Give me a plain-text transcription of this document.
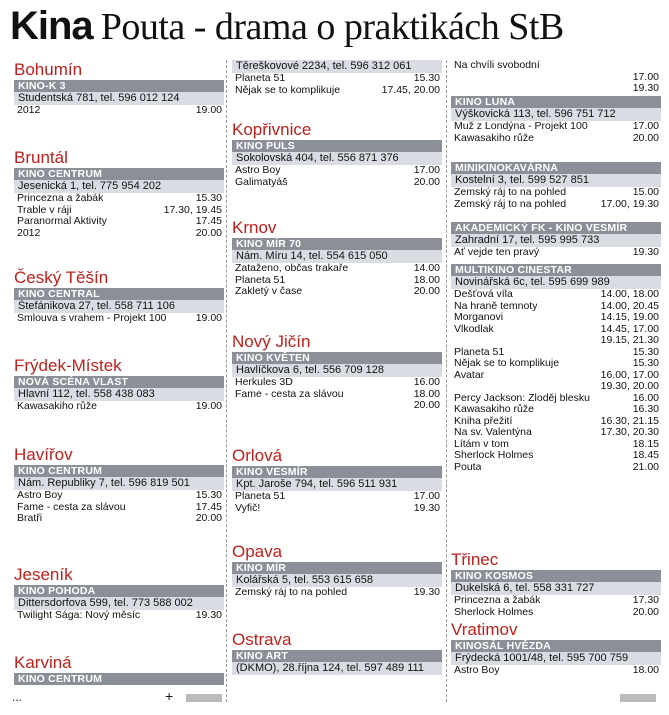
Kina Pouta - drama o praktikách StB
Bohumín
KINO-K 3
Studentská 781, tel. 596 012 124
2012	19.00
Bruntál
KINO CENTRUM
Jesenická 1, tel. 775 954 202
Princezna a žabák	15.30
Trable v ráji	17.30, 19.45
Paranormal Aktivity	17.45
2012	20.00
Český Těšín
KINO CENTRAL
Štefánikova 27, tel. 558 711 106
Smlouva s vrahem - Projekt 100	19.00
Frýdek-Místek
NOVÁ SCÉNA VLAST
Hlavní 112, tel. 558 438 083
Kawasakiho růže	19.00
Havířov
KINO CENTRUM
Nám. Republiky 7, tel. 596 819 501
Astro Boy	15.30
Fame - cesta za slávou	17.45
Bratři	20.00
Jeseník
KINO POHODA
Dittersdorfova 599, tel. 773 588 002
Twilight Sága: Nový měsíc	19.30
Karviná
KINO CENTRUM
Těreškovové 2234, tel. 596 312 061
Planeta 51	15.30
Nějak se to komplikuje	17.45, 20.00
Kopřivnice
KINO PULS
Sokolovská 404, tel. 556 871 376
Astro Boy	17.00
Galimatyáš	20.00
Krnov
KINO MÍR 70
Nám. Míru 14, tel. 554 615 050
Zataženo, občas trakaře	14.00
Planeta 51	18.00
Zakletý v čase	20.00
Nový Jičín
KINO KVĚTEN
Havlíčkova 6, tel. 556 709 128
Herkules 3D	16.00
Fame - cesta za slávou	18.00
20.00
Orlová
KINO VESMÍR
Kpt. Jaroše 794, tel. 596 511 931
Planeta 51	17.00
Vyfič!	19.30
Opava
KINO MÍR
Kolářská 5, tel. 553 615 658
Zemský ráj to na pohled	19.30
Ostrava
KINO ART
(DKMO), 28.října 124, tel. 597 489 111
Na chvíli svobodní
17.00
19.30
KINO LUNA
Výškovická 113, tel. 596 751 712
Muž z Londýna - Projekt 100	17.00
Kawasakiho růže	20.00
MINIKINOKAVÁRNA
Kostelní 3, tel. 599 527 851
Zemský ráj to na pohled	15.00
Zemský ráj to na pohled	17.00, 19.30
AKADEMICKÝ FK - KINO VESMÍR
Zahradní 17, tel. 595 995 733
Ať vejde ten pravý	19.30
MULTIKINO CINESTAR
Novinářská 6c, tel. 595 699 989
Dešťová víla	14.00, 18.00
Na hraně temnoty	14.00, 20.45
Morganovi	14.15, 19.00
Vlkodlak	14.45, 17.00
19.15, 21.30
Planeta 51	15.30
Nějak se to komplikuje	15.30
Avatar	16.00, 17.00
19.30, 20.00
Percy Jackson: Zloděj blesku	16.00
Kawasakiho růže	16.30
Kniha přežití	16.30, 21.15
Na sv. Valentýna	17.30, 20.30
Lítám v tom	18.15
Sherlock Holmes	18.45
Pouta	21.00
Třinec
KINO KOSMOS
Dukelská 6, tel. 558 331 727
Princezna a žabák	17.30
Sherlock Holmes	20.00
Vratimov
KINOSÁL HVĚZDA
Frýdecká 1001/48, tel. 595 700 759
Astro Boy	18.00
...	+
